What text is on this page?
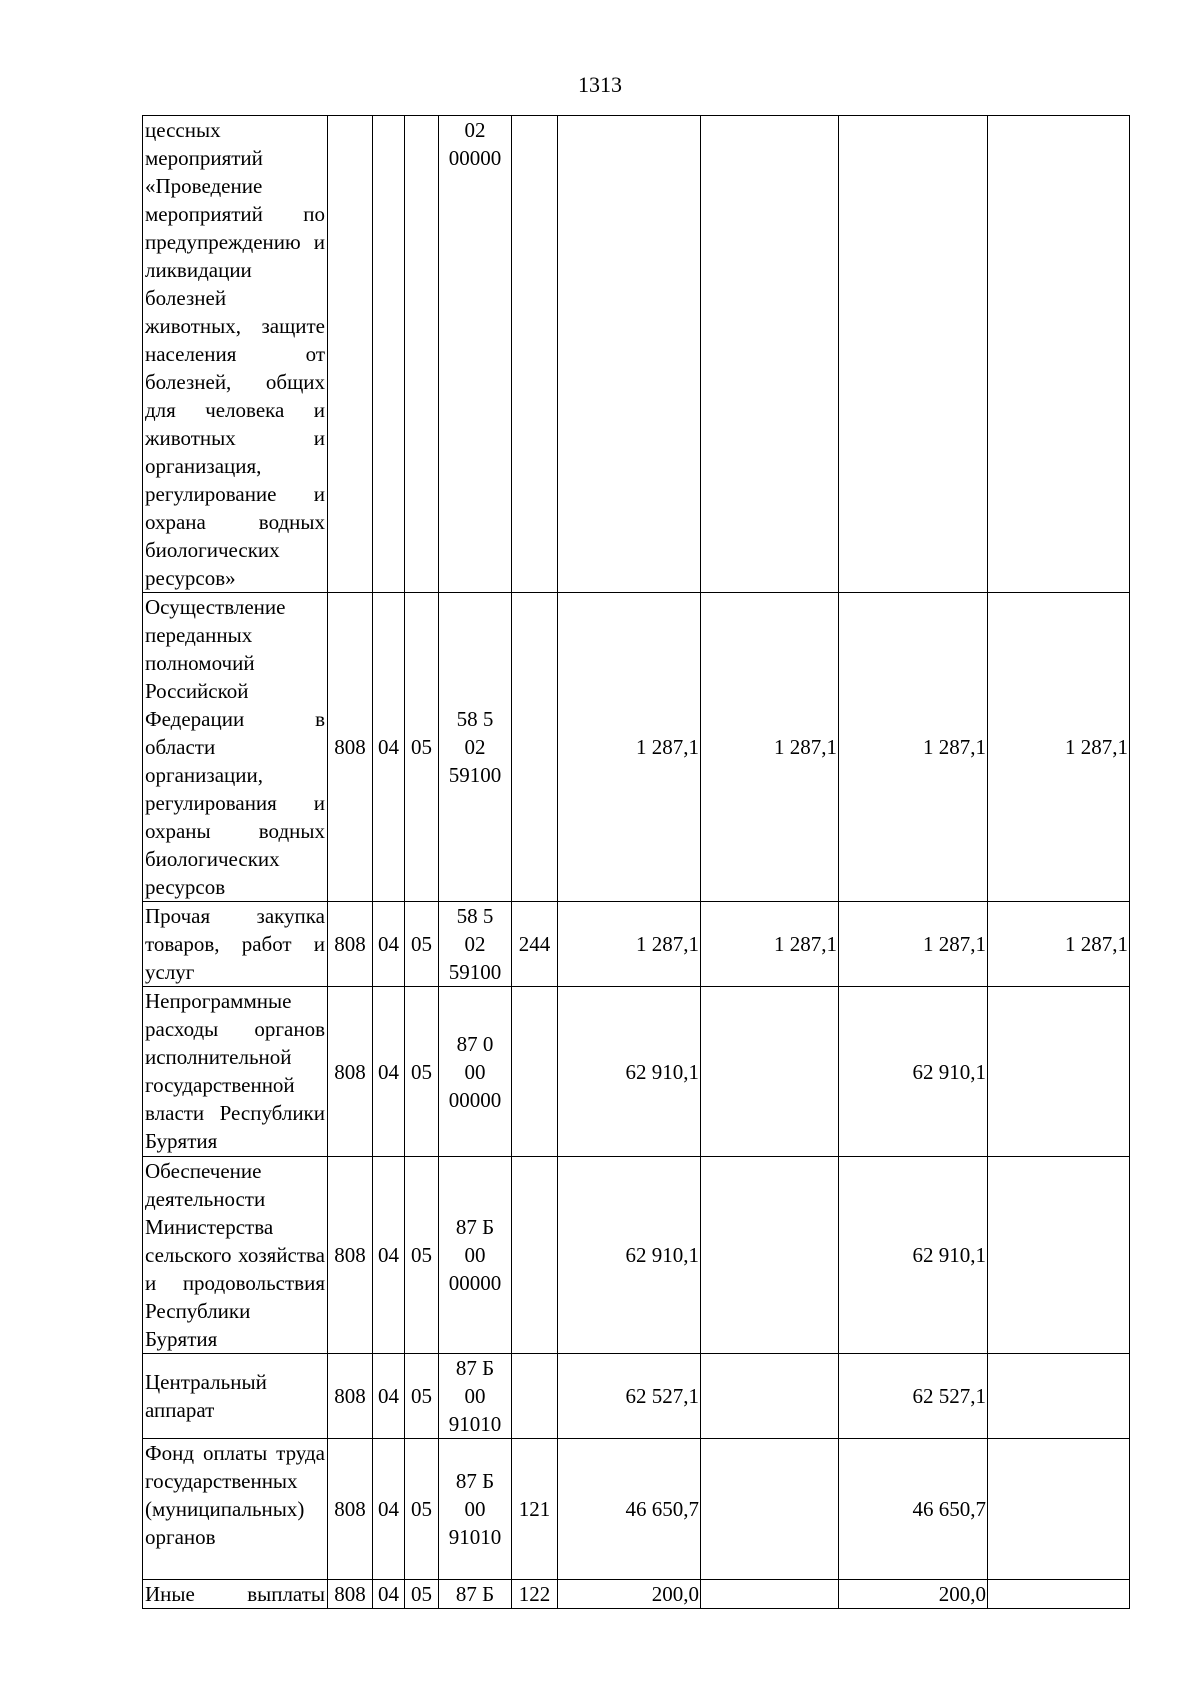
1313
цессных мероприятий «Проведение мероприятий по предупреждению и ликвидации болезней животных, защите населения от болезней, общих для человека и животных и организация, регулирование и охрана водных биологических ресурсов»				02
00000					

Осуществление переданных полномочий Российской Федерации в области организации, регулирования и охраны водных биологических ресурсов	808	04	05	58 5
02
59100		1 287,1	1 287,1	1 287,1	1 287,1
Прочая закупка товаров, работ и услуг	808	04	05	58 5
02
59100	244	1 287,1	1 287,1	1 287,1	1 287,1
Непрограммные расходы органов исполнительной государственной власти Республики Бурятия	808	04	05	87 0
00
00000		62 910,1		62 910,1	
Обеспечение деятельности Министерства сельского хозяйства и продовольствия Республики Бурятия	808	04	05	87 Б
00
00000		62 910,1		62 910,1	
Центральный аппарат	808	04	05	87 Б
00
91010		62 527,1		62 527,1	
Фонд оплаты труда государственных (муниципальных) органов	808	04	05	87 Б
00
91010	121	46 650,7		46 650,7	
Иные выплаты	808	04	05	87 Б	122	200,0		200,0	
